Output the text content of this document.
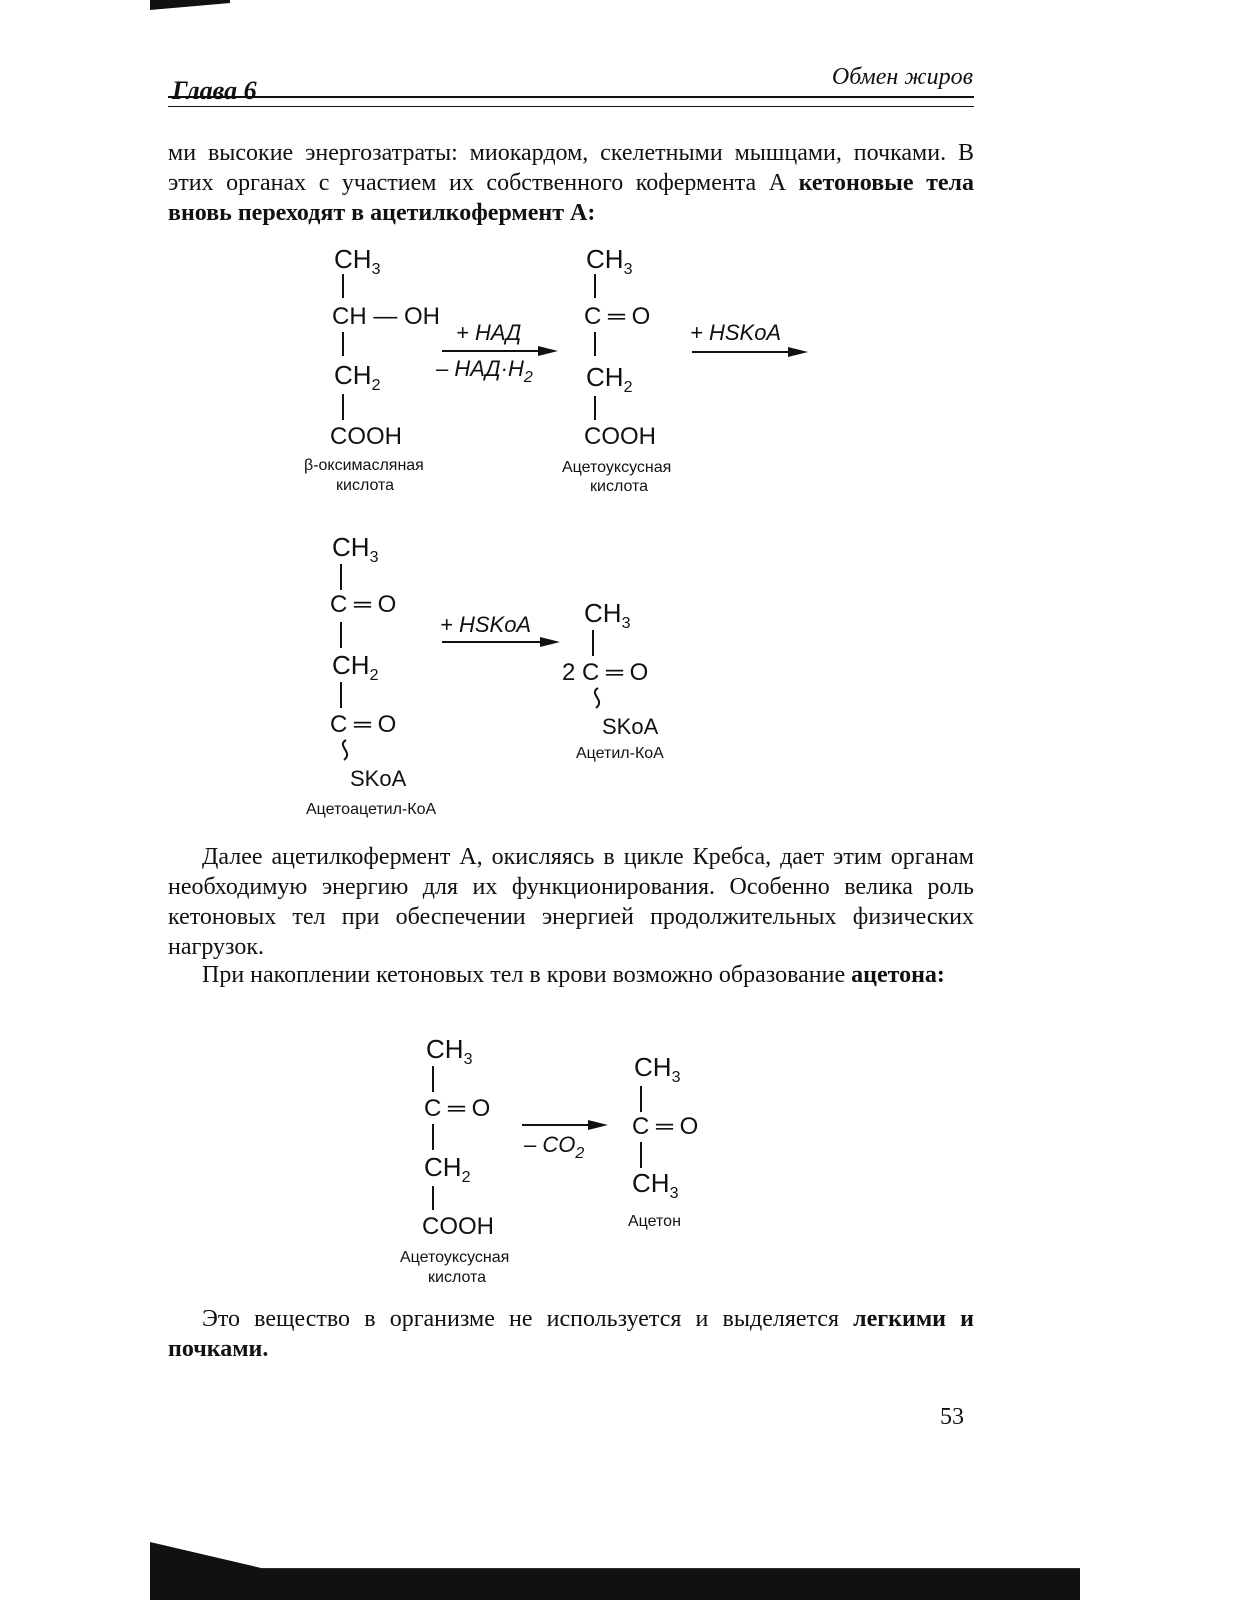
Глава 6	Обмен жиров
ми высокие энергозатраты: миокардом, скелетными мышцами, почками. В этих органах с участием их собственного кофермента А кетоновые тела вновь переходят в ацетилкофермент А:
$CH_3$
CH — OH
$CH_2$
COOH
β-оксимасляная
кислота
+ НАД
– $НАД\cdot Н_2$
$CH_3$
C ═ O
$CH_2$
COOH
Ацетоуксусная
кислота
+ HSKoA
$CH_3$
C ═ O
$CH_2$
C ═ O
SKoA
Ацетоацетил-КоА
+ HSKoA $CH_3$
2 C ═ O
SKoA
Ацетил-КоА
$CH_3$
C ═ O
$CH_2$
COOH
Ацетоуксусная
кислота
– $CO_2$
$CH_3$
C ═ O
$CH_3$
Ацетон
Далее ацетилкофермент А, окисляясь в цикле Кребса, дает этим органам необходимую энергию для их функционирования. Особенно велика роль кетоновых тел при обеспечении энергией продолжительных физических нагрузок.
При накоплении кетоновых тел в крови возможно образование ацетона:
Это вещество в организме не используется и выделяется легкими и почками.
53
